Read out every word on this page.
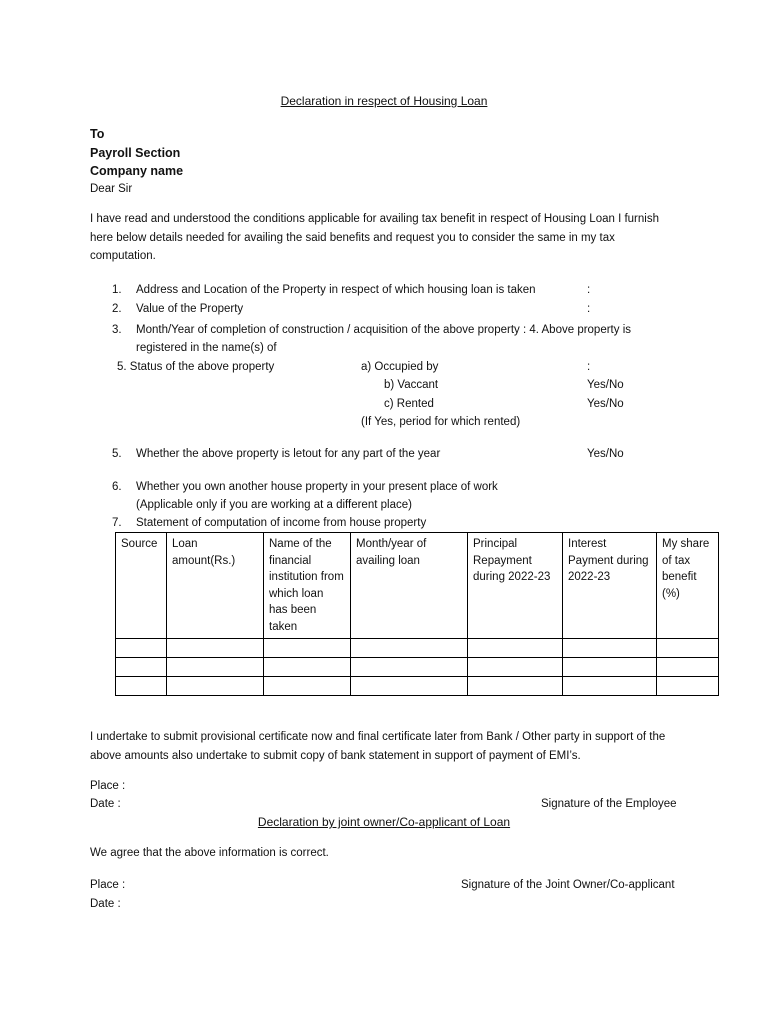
Declaration in respect of Housing Loan
To
Payroll Section
Company name
Dear Sir
I have read and understood the conditions applicable for availing tax benefit in respect of Housing Loan I furnish here below details needed for availing the said benefits and request you to consider the same in my tax computation.
1. Address and Location of the Property in respect of which housing loan is taken	:
2. Value of the Property	:
3. Month/Year of completion of construction / acquisition of the above property : 4. Above property is
registered in the name(s) of
5. Status of the above property	a) Occupied by	:
b) Vaccant	Yes/No
c) Rented	Yes/No
(If Yes, period for which rented)
5. Whether the above property is letout for any part of the year	Yes/No
6. Whether you own another house property in your present place of work
(Applicable only if you are working at a different place)
7. Statement of computation of income from house property
Source	Loan amount(Rs.)	Name of the financial institution from which loan has been taken	Month/year of availing loan	Principal Repayment during 2022-23	Interest Payment during 2022-23	My share of tax benefit (%)

I undertake to submit provisional certificate now and final certificate later from Bank / Other party in support of the above amounts also undertake to submit copy of bank statement in support of payment of EMI’s.
Place :
Date :	Signature of the Employee
Declaration by joint owner/Co-applicant of Loan
We agree that the above information is correct.
Place :	Signature of the Joint Owner/Co-applicant
Date :
